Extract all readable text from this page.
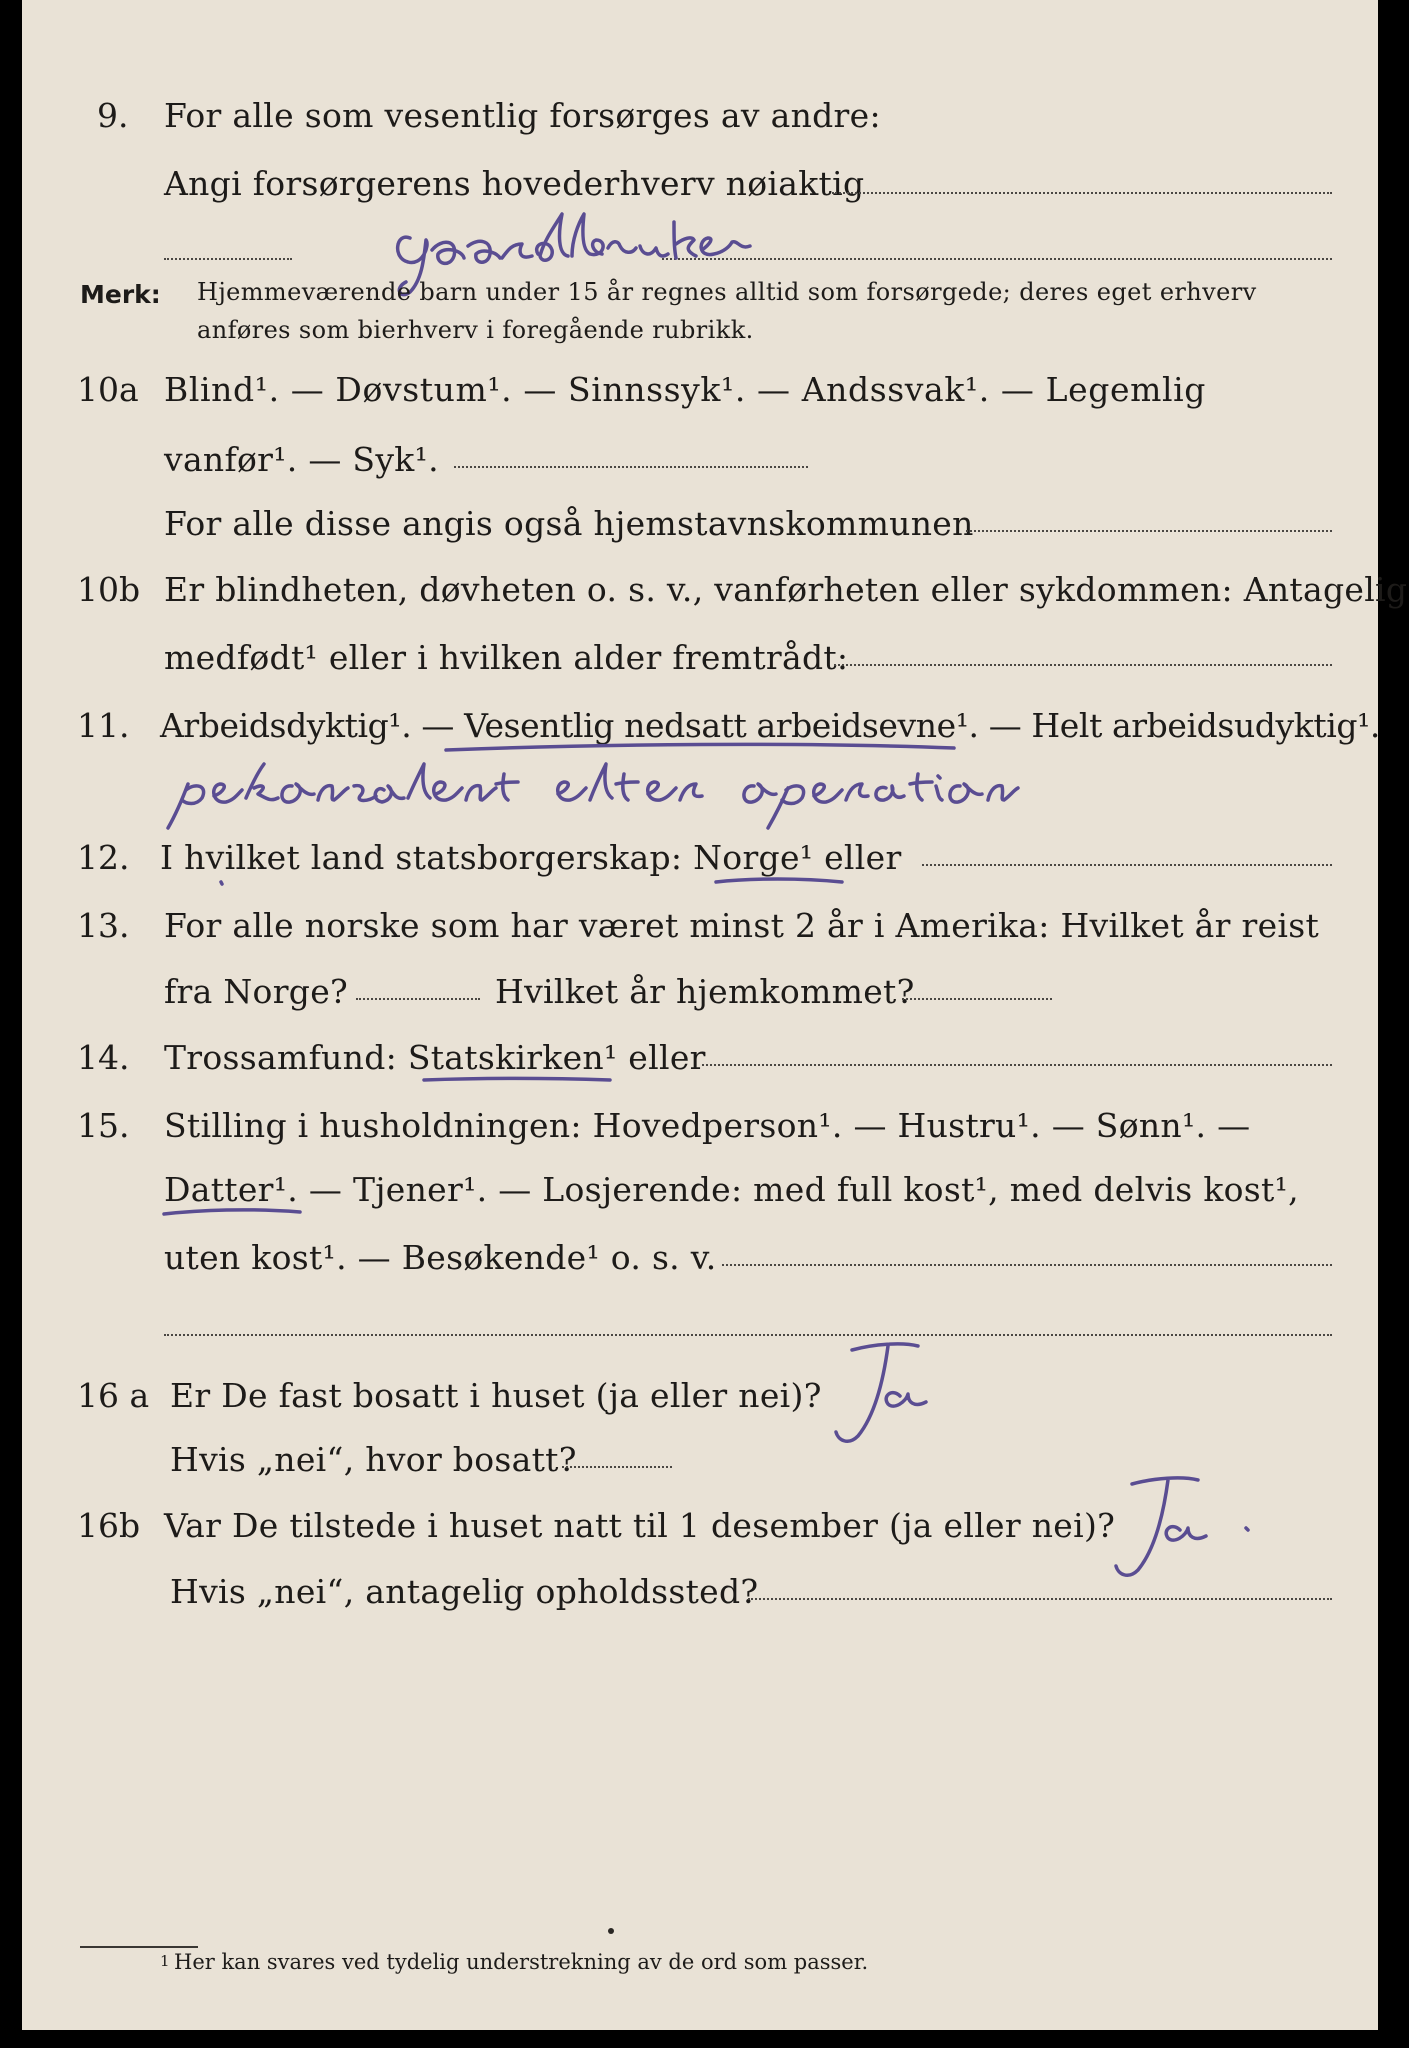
9. For alle som vesentlig forsørges av andre:
Angi forsørgerens hovederhverv nøiaktig
Merk: Hjemmeværende barn under 15 år regnes alltid som forsørgede; deres eget erhverv
anføres som bierhverv i foregående rubrikk.
10a Blind¹. — Døvstum¹. — Sinnssyk¹. — Andssvak¹. — Legemlig
vanfør¹. — Syk¹.
For alle disse angis også hjemstavnskommunen
10b Er blindheten, døvheten o. s. v., vanførheten eller sykdommen: Antagelig
medfødt¹ eller i hvilken alder fremtrådt:
11. Arbeidsdyktig¹. — Vesentlig nedsatt arbeidsevne¹. — Helt arbeidsudyktig¹.
12. I hvilket land statsborgerskap: Norge¹ eller
13. For alle norske som har været minst 2 år i Amerika: Hvilket år reist
fra Norge?	Hvilket år hjemkommet?
14. Trossamfund: Statskirken¹ eller
15. Stilling i husholdningen: Hovedperson¹. — Hustru¹. — Sønn¹. —
Datter¹. — Tjener¹. — Losjerende: med full kost¹, med delvis kost¹,
uten kost¹. — Besøkende¹ o. s. v.
16 a Er De fast bosatt i huset (ja eller nei)?
Hvis „nei“, hvor bosatt?
16b Var De tilstede i huset natt til 1 desember (ja eller nei)?
Hvis „nei“, antagelig opholdssted?
1 Her kan svares ved tydelig understrekning av de ord som passer.
